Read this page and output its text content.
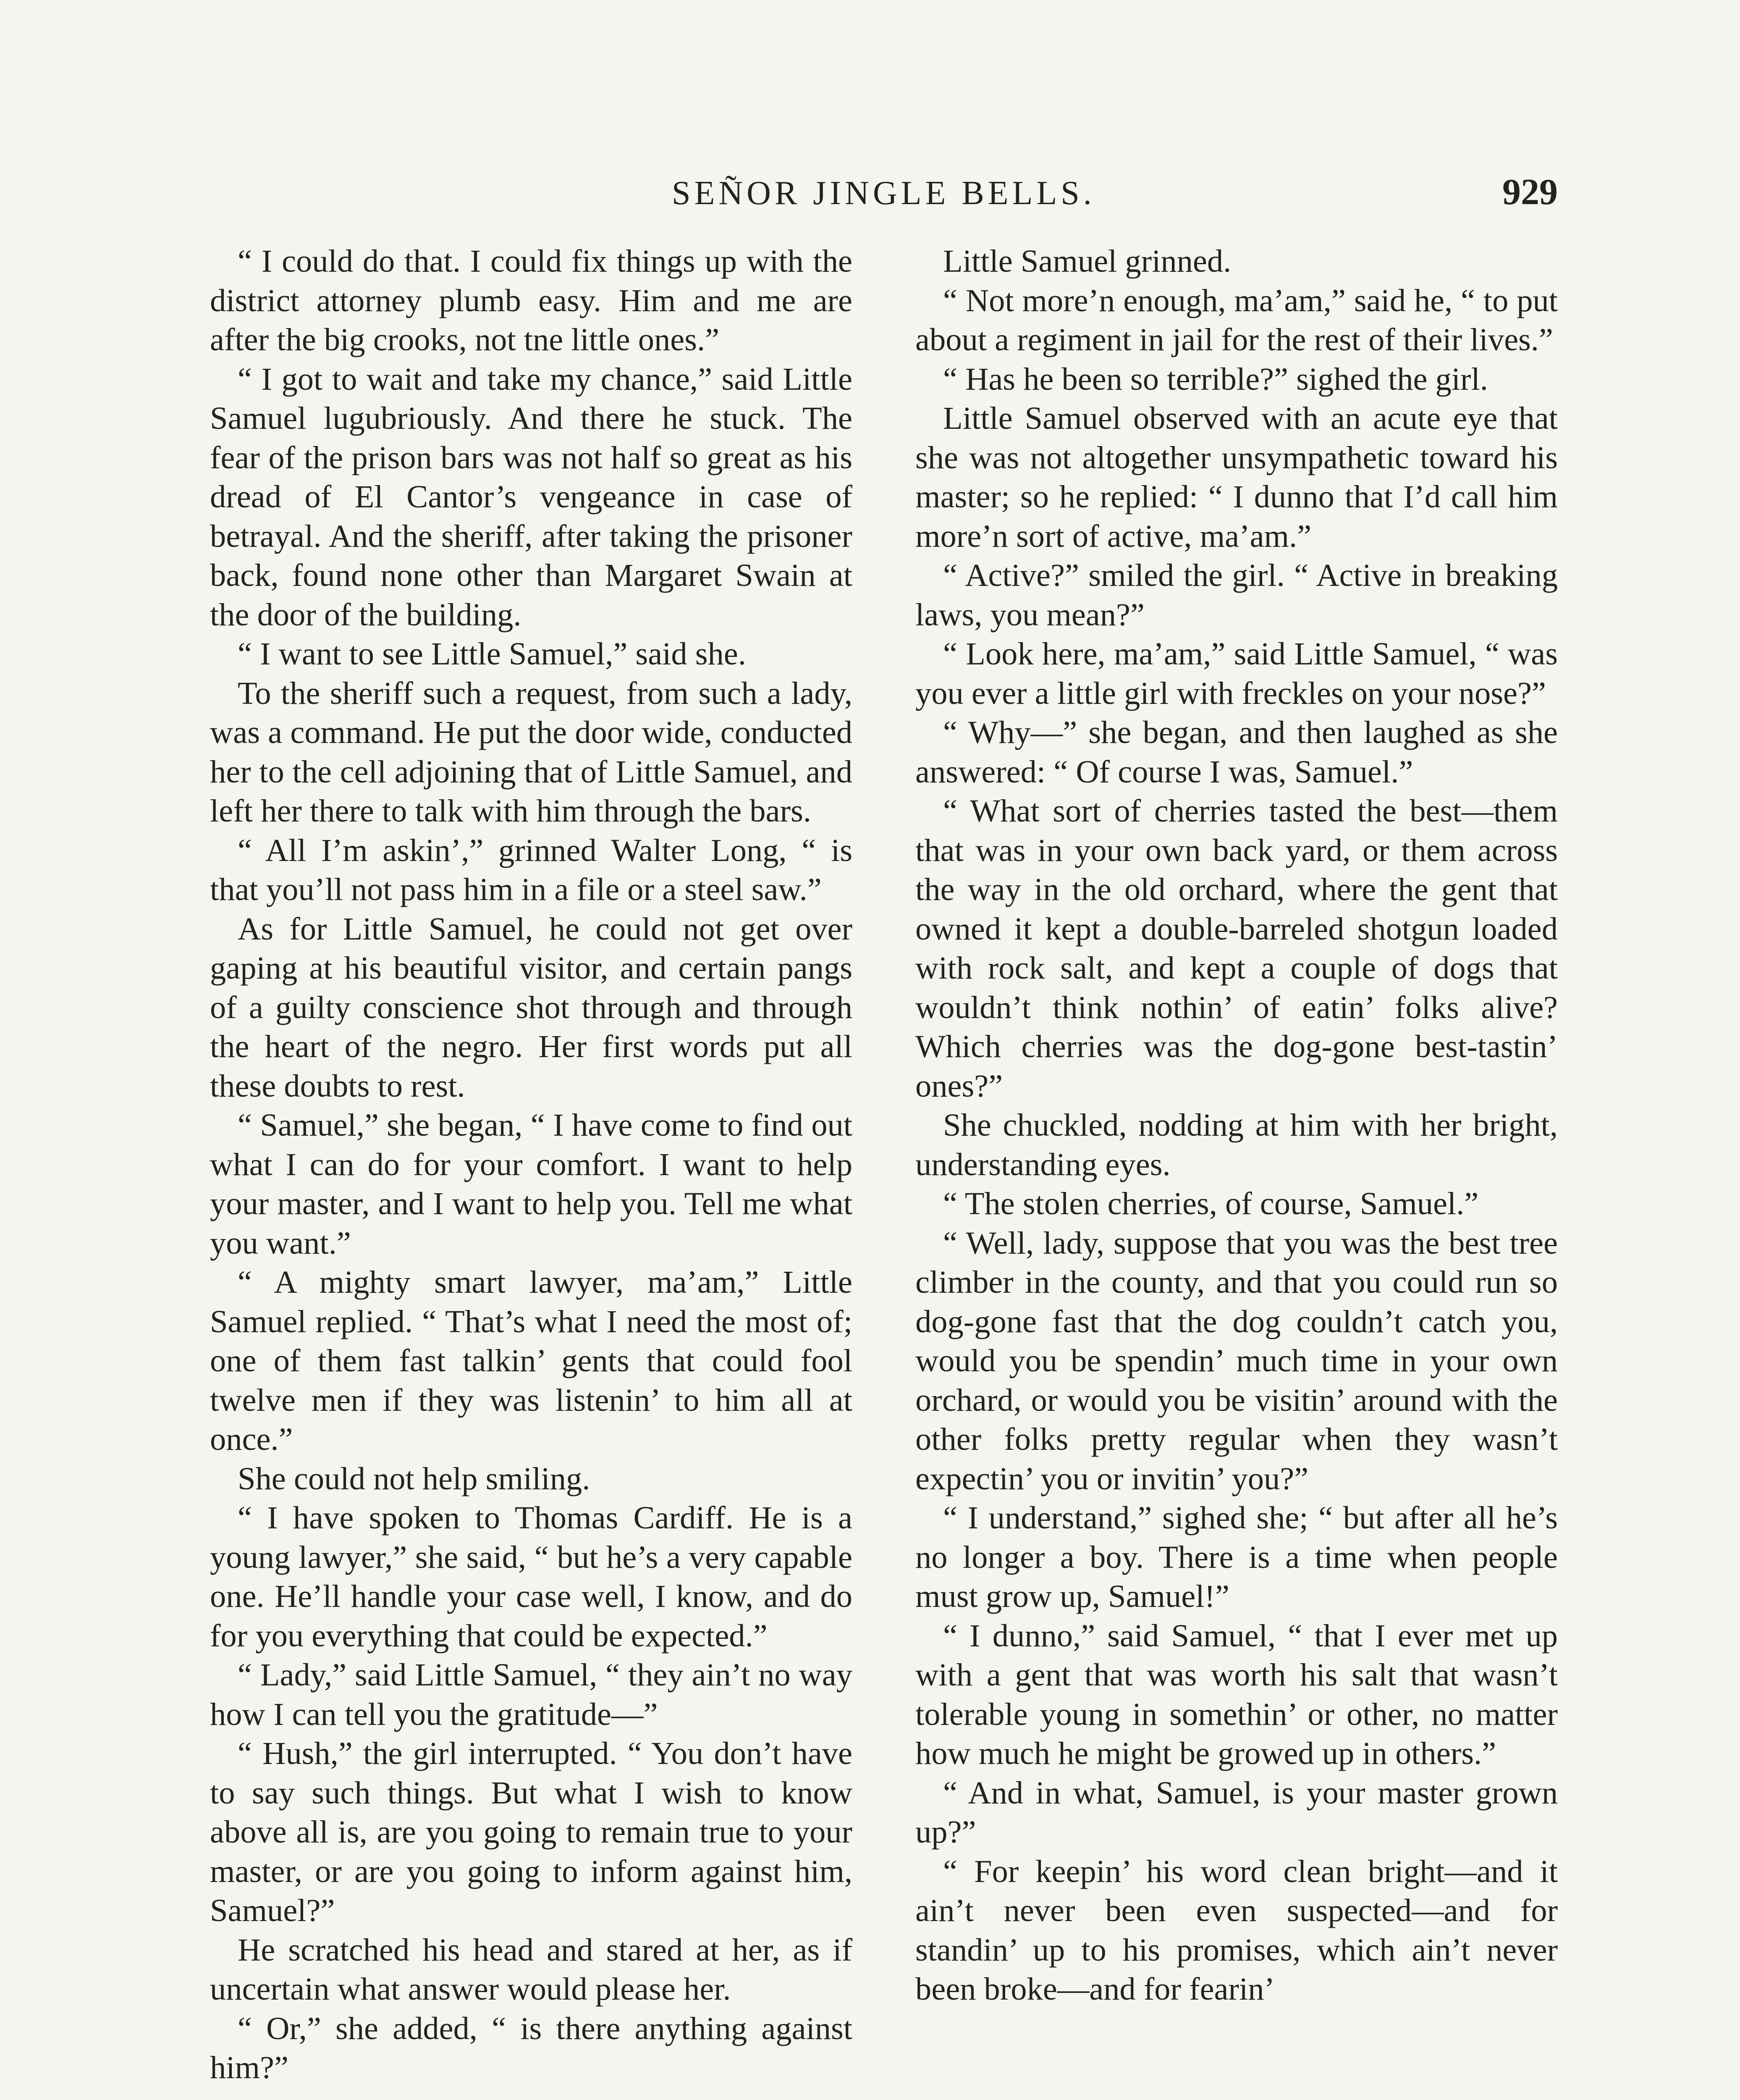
SEÑOR JINGLE BELLS.	929

“ I could do that. I could fix things up with the district attorney plumb easy. Him and me are after the big crooks, not tne little ones.”

“ I got to wait and take my chance,” said Little Samuel lugubriously. And there he stuck. The fear of the prison bars was not half so great as his dread of El Cantor’s vengeance in case of betrayal. And the sheriff, after taking the prisoner back, found none other than Margaret Swain at the door of the building.

“ I want to see Little Samuel,” said she.

To the sheriff such a request, from such a lady, was a command. He put the door wide, conducted her to the cell adjoining that of Little Samuel, and left her there to talk with him through the bars.

“ All I’m askin’,” grinned Walter Long, “ is that you’ll not pass him in a file or a steel saw.”

As for Little Samuel, he could not get over gaping at his beautiful visitor, and certain pangs of a guilty conscience shot through and through the heart of the negro. Her first words put all these doubts to rest.

“ Samuel,” she began, “ I have come to find out what I can do for your comfort. I want to help your master, and I want to help you. Tell me what you want.”

“ A mighty smart lawyer, ma’am,” Little Samuel replied. “ That’s what I need the most of; one of them fast talkin’ gents that could fool twelve men if they was listenin’ to him all at once.”

She could not help smiling.

“ I have spoken to Thomas Cardiff. He is a young lawyer,” she said, “ but he’s a very capable one. He’ll handle your case well, I know, and do for you everything that could be expected.”

“ Lady,” said Little Samuel, “ they ain’t no way how I can tell you the gratitude—”

“ Hush,” the girl interrupted. “ You don’t have to say such things. But what I wish to know above all is, are you going to remain true to your master, or are you going to inform against him, Samuel?”

He scratched his head and stared at her, as if uncertain what answer would please her.

“ Or,” she added, “ is there anything against him?”

Little Samuel grinned.

“ Not more’n enough, ma’am,” said he, “ to put about a regiment in jail for the rest of their lives.”

“ Has he been so terrible?” sighed the girl.

Little Samuel observed with an acute eye that she was not altogether unsympathetic toward his master; so he replied: “ I dunno that I’d call him more’n sort of active, ma’am.”

“ Active?” smiled the girl. “ Active in breaking laws, you mean?”

“ Look here, ma’am,” said Little Samuel, “ was you ever a little girl with freckles on your nose?”

“ Why—” she began, and then laughed as she answered: “ Of course I was, Samuel.”

“ What sort of cherries tasted the best—them that was in your own back yard, or them across the way in the old orchard, where the gent that owned it kept a double-barreled shotgun loaded with rock salt, and kept a couple of dogs that wouldn’t think nothin’ of eatin’ folks alive? Which cherries was the dog-gone best-tastin’ ones?”

She chuckled, nodding at him with her bright, understanding eyes.

“ The stolen cherries, of course, Samuel.”

“ Well, lady, suppose that you was the best tree climber in the county, and that you could run so dog-gone fast that the dog couldn’t catch you, would you be spendin’ much time in your own orchard, or would you be visitin’ around with the other folks pretty regular when they wasn’t expectin’ you or invitin’ you?”

“ I understand,” sighed she; “ but after all he’s no longer a boy. There is a time when people must grow up, Samuel!”

“ I dunno,” said Samuel, “ that I ever met up with a gent that was worth his salt that wasn’t tolerable young in somethin’ or other, no matter how much he might be growed up in others.”

“ And in what, Samuel, is your master grown up?”

“ For keepin’ his word clean bright—and it ain’t never been even suspected—and for standin’ up to his promises, which ain’t never been broke—and for fearin’
